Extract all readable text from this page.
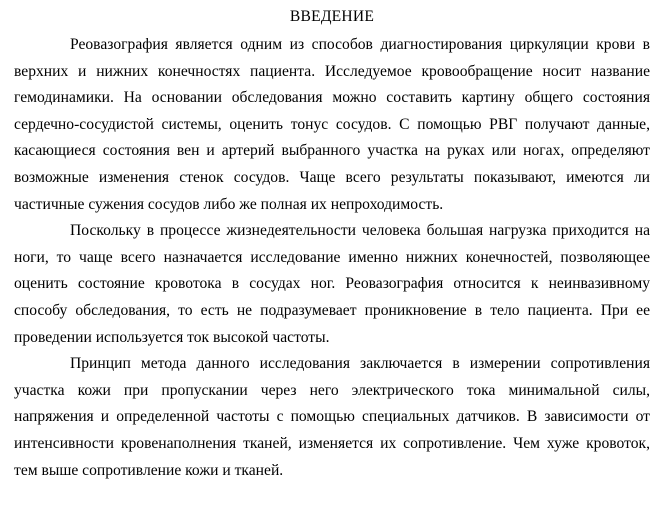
ВВЕДЕНИЕ

Реовазография является одним из способов диагностирования циркуляции крови в
верхних и нижних конечностях пациента. Исследуемое кровообращение носит название
гемодинамики. На основании обследования можно составить картину общего состояния
сердечно-сосудистой системы, оценить тонус сосудов. С помощью РВГ получают данные,
касающиеся состояния вен и артерий выбранного участка на руках или ногах, определяют
возможные изменения стенок сосудов. Чаще всего результаты показывают, имеются ли
частичные сужения сосудов либо же полная их непроходимость.

Поскольку в процессе жизнедеятельности человека большая нагрузка приходится на
ноги, то чаще всего назначается исследование именно нижних конечностей, позволяющее
оценить состояние кровотока в сосудах ног. Реовазография относится к неинвазивному
способу обследования, то есть не подразумевает проникновение в тело пациента. При ее
проведении используется ток высокой частоты.

Принцип метода данного исследования заключается в измерении сопротивления
участка кожи при пропускании через него электрического тока минимальной силы,
напряжения и определенной частоты с помощью специальных датчиков. В зависимости от
интенсивности кровенаполнения тканей, изменяется их сопротивление. Чем хуже кровоток,
тем выше сопротивление кожи и тканей.
